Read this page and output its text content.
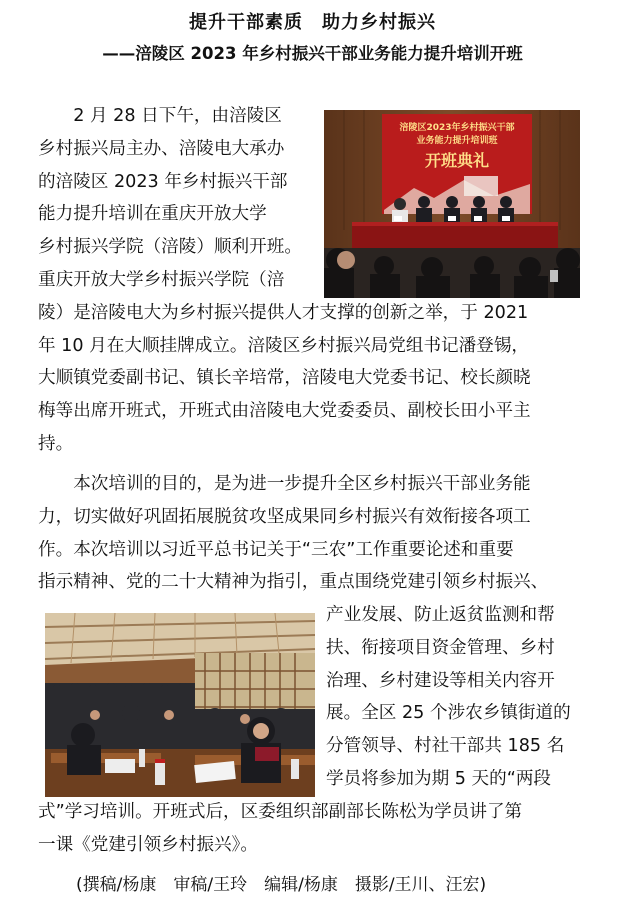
提升干部素质　助力乡村振兴
——涪陵区 2023 年乡村振兴干部业务能力提升培训开班
　　2 月 28 日下午，由涪陵区
乡村振兴局主办、涪陵电大承办
的涪陵区 2023 年乡村振兴干部
能力提升培训在重庆开放大学
乡村振兴学院（涪陵）顺利开班。
重庆开放大学乡村振兴学院（涪
陵）是涪陵电大为乡村振兴提供人才支撑的创新之举，于 2021
年 10 月在大顺挂牌成立。涪陵区乡村振兴局党组书记潘登锡，
大顺镇党委副书记、镇长辛培常，涪陵电大党委书记、校长颜晓
梅等出席开班式，开班式由涪陵电大党委委员、副校长田小平主
持。
　　本次培训的目的，是为进一步提升全区乡村振兴干部业务能
力，切实做好巩固拓展脱贫攻坚成果同乡村振兴有效衔接各项工
作。本次培训以习近平总书记关于“三农”工作重要论述和重要
指示精神、党的二十大精神为指引，重点围绕党建引领乡村振兴、
产业发展、防止返贫监测和帮
扶、衔接项目资金管理、乡村
治理、乡村建设等相关内容开
展。全区 25 个涉农乡镇街道的
分管领导、村社干部共 185 名
学员将参加为期 5 天的“两段
式”学习培训。开班式后，区委组织部副部长陈松为学员讲了第
一课《党建引领乡村振兴》。
涪陵区2023年乡村振兴干部
业务能力提升培训班
开班典礼
(撰稿/杨康　审稿/王玲　编辑/杨康　摄影/王川、汪宏)
